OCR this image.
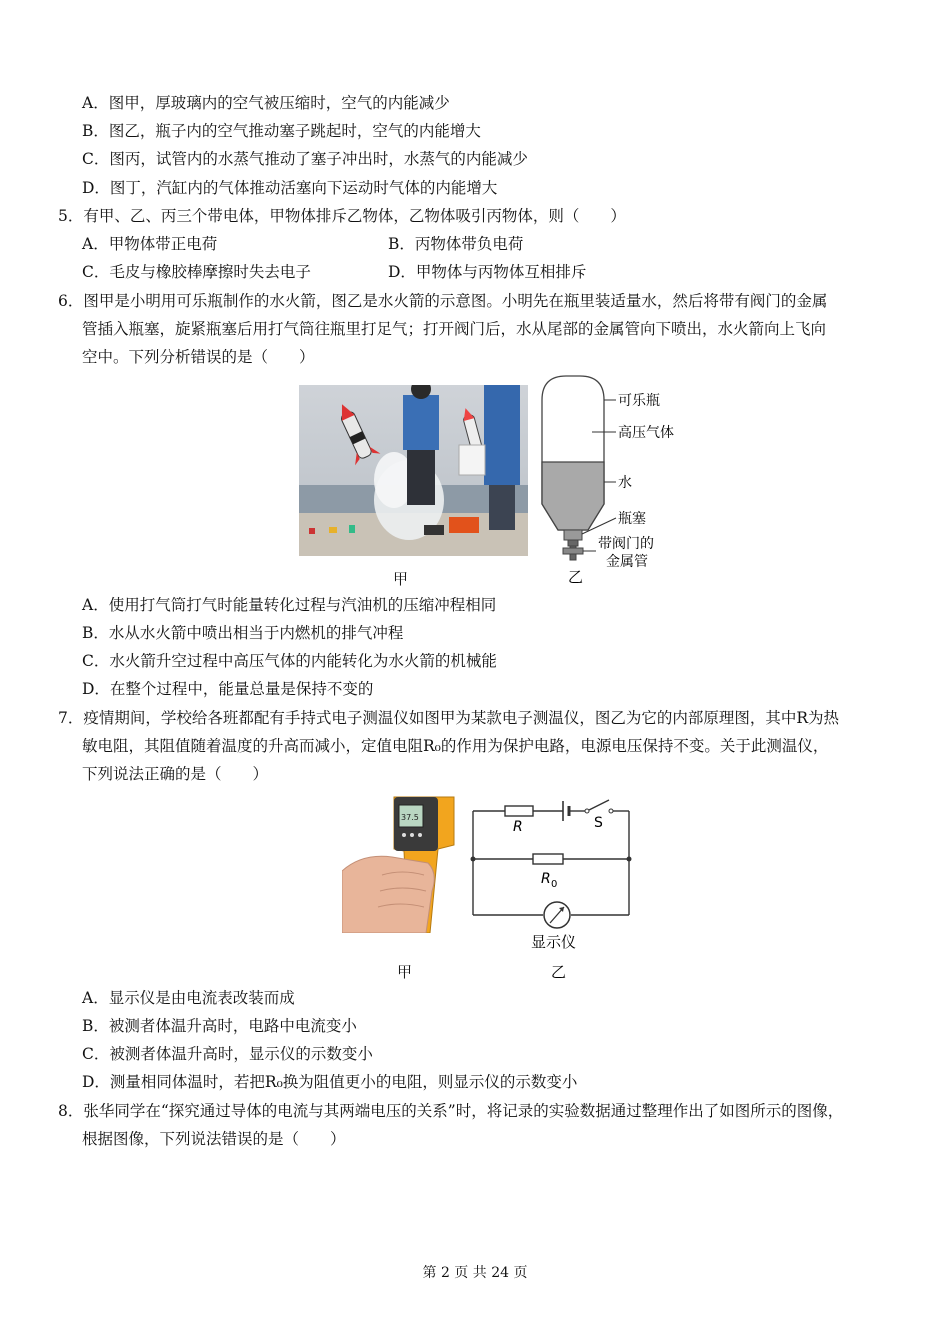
A．图甲，厚玻璃内的空气被压缩时，空气的内能减少
B．图乙，瓶子内的空气推动塞子跳起时，空气的内能增大
C．图丙，试管内的水蒸气推动了塞子冲出时，水蒸气的内能减少
D．图丁，汽缸内的气体推动活塞向下运动时气体的内能增大
5．有甲、乙、丙三个带电体，甲物体排斥乙物体，乙物体吸引丙物体，则（　　）
A．甲物体带正电荷	B．丙物体带负电荷
C．毛皮与橡胶棒摩擦时失去电子	D．甲物体与丙物体互相排斥
6．图甲是小明用可乐瓶制作的水火箭，图乙是水火箭的示意图。小明先在瓶里装适量水，然后将带有阀门的金属
管插入瓶塞，旋紧瓶塞后用打气筒往瓶里打足气；打开阀门后，水从尾部的金属管向下喷出，水火箭向上飞向
空中。下列分析错误的是（　　）
甲
可乐瓶
高压气体
水
瓶塞
带阀门的
金属管
乙
A．使用打气筒打气时能量转化过程与汽油机的压缩冲程相同
B．水从水火箭中喷出相当于内燃机的排气冲程
C．水火箭升空过程中高压气体的内能转化为水火箭的机械能
D．在整个过程中，能量总量是保持不变的
7．疫情期间，学校给各班都配有手持式电子测温仪如图甲为某款电子测温仪，图乙为它的内部原理图，其中R为热
敏电阻，其阻值随着温度的升高而减小，定值电阻R₀的作用为保护电路，电源电压保持不变。关于此测温仪，
下列说法正确的是（　　）
37.5
R	S
R 0
显示仪
乙
甲
A．显示仪是由电流表改装而成
B．被测者体温升高时，电路中电流变小
C．被测者体温升高时，显示仪的示数变小
D．测量相同体温时，若把R₀换为阻值更小的电阻，则显示仪的示数变小
8．张华同学在“探究通过导体的电流与其两端电压的关系”时，将记录的实验数据通过整理作出了如图所示的图像，
根据图像，下列说法错误的是（　　）
第 2 页 共 24 页
